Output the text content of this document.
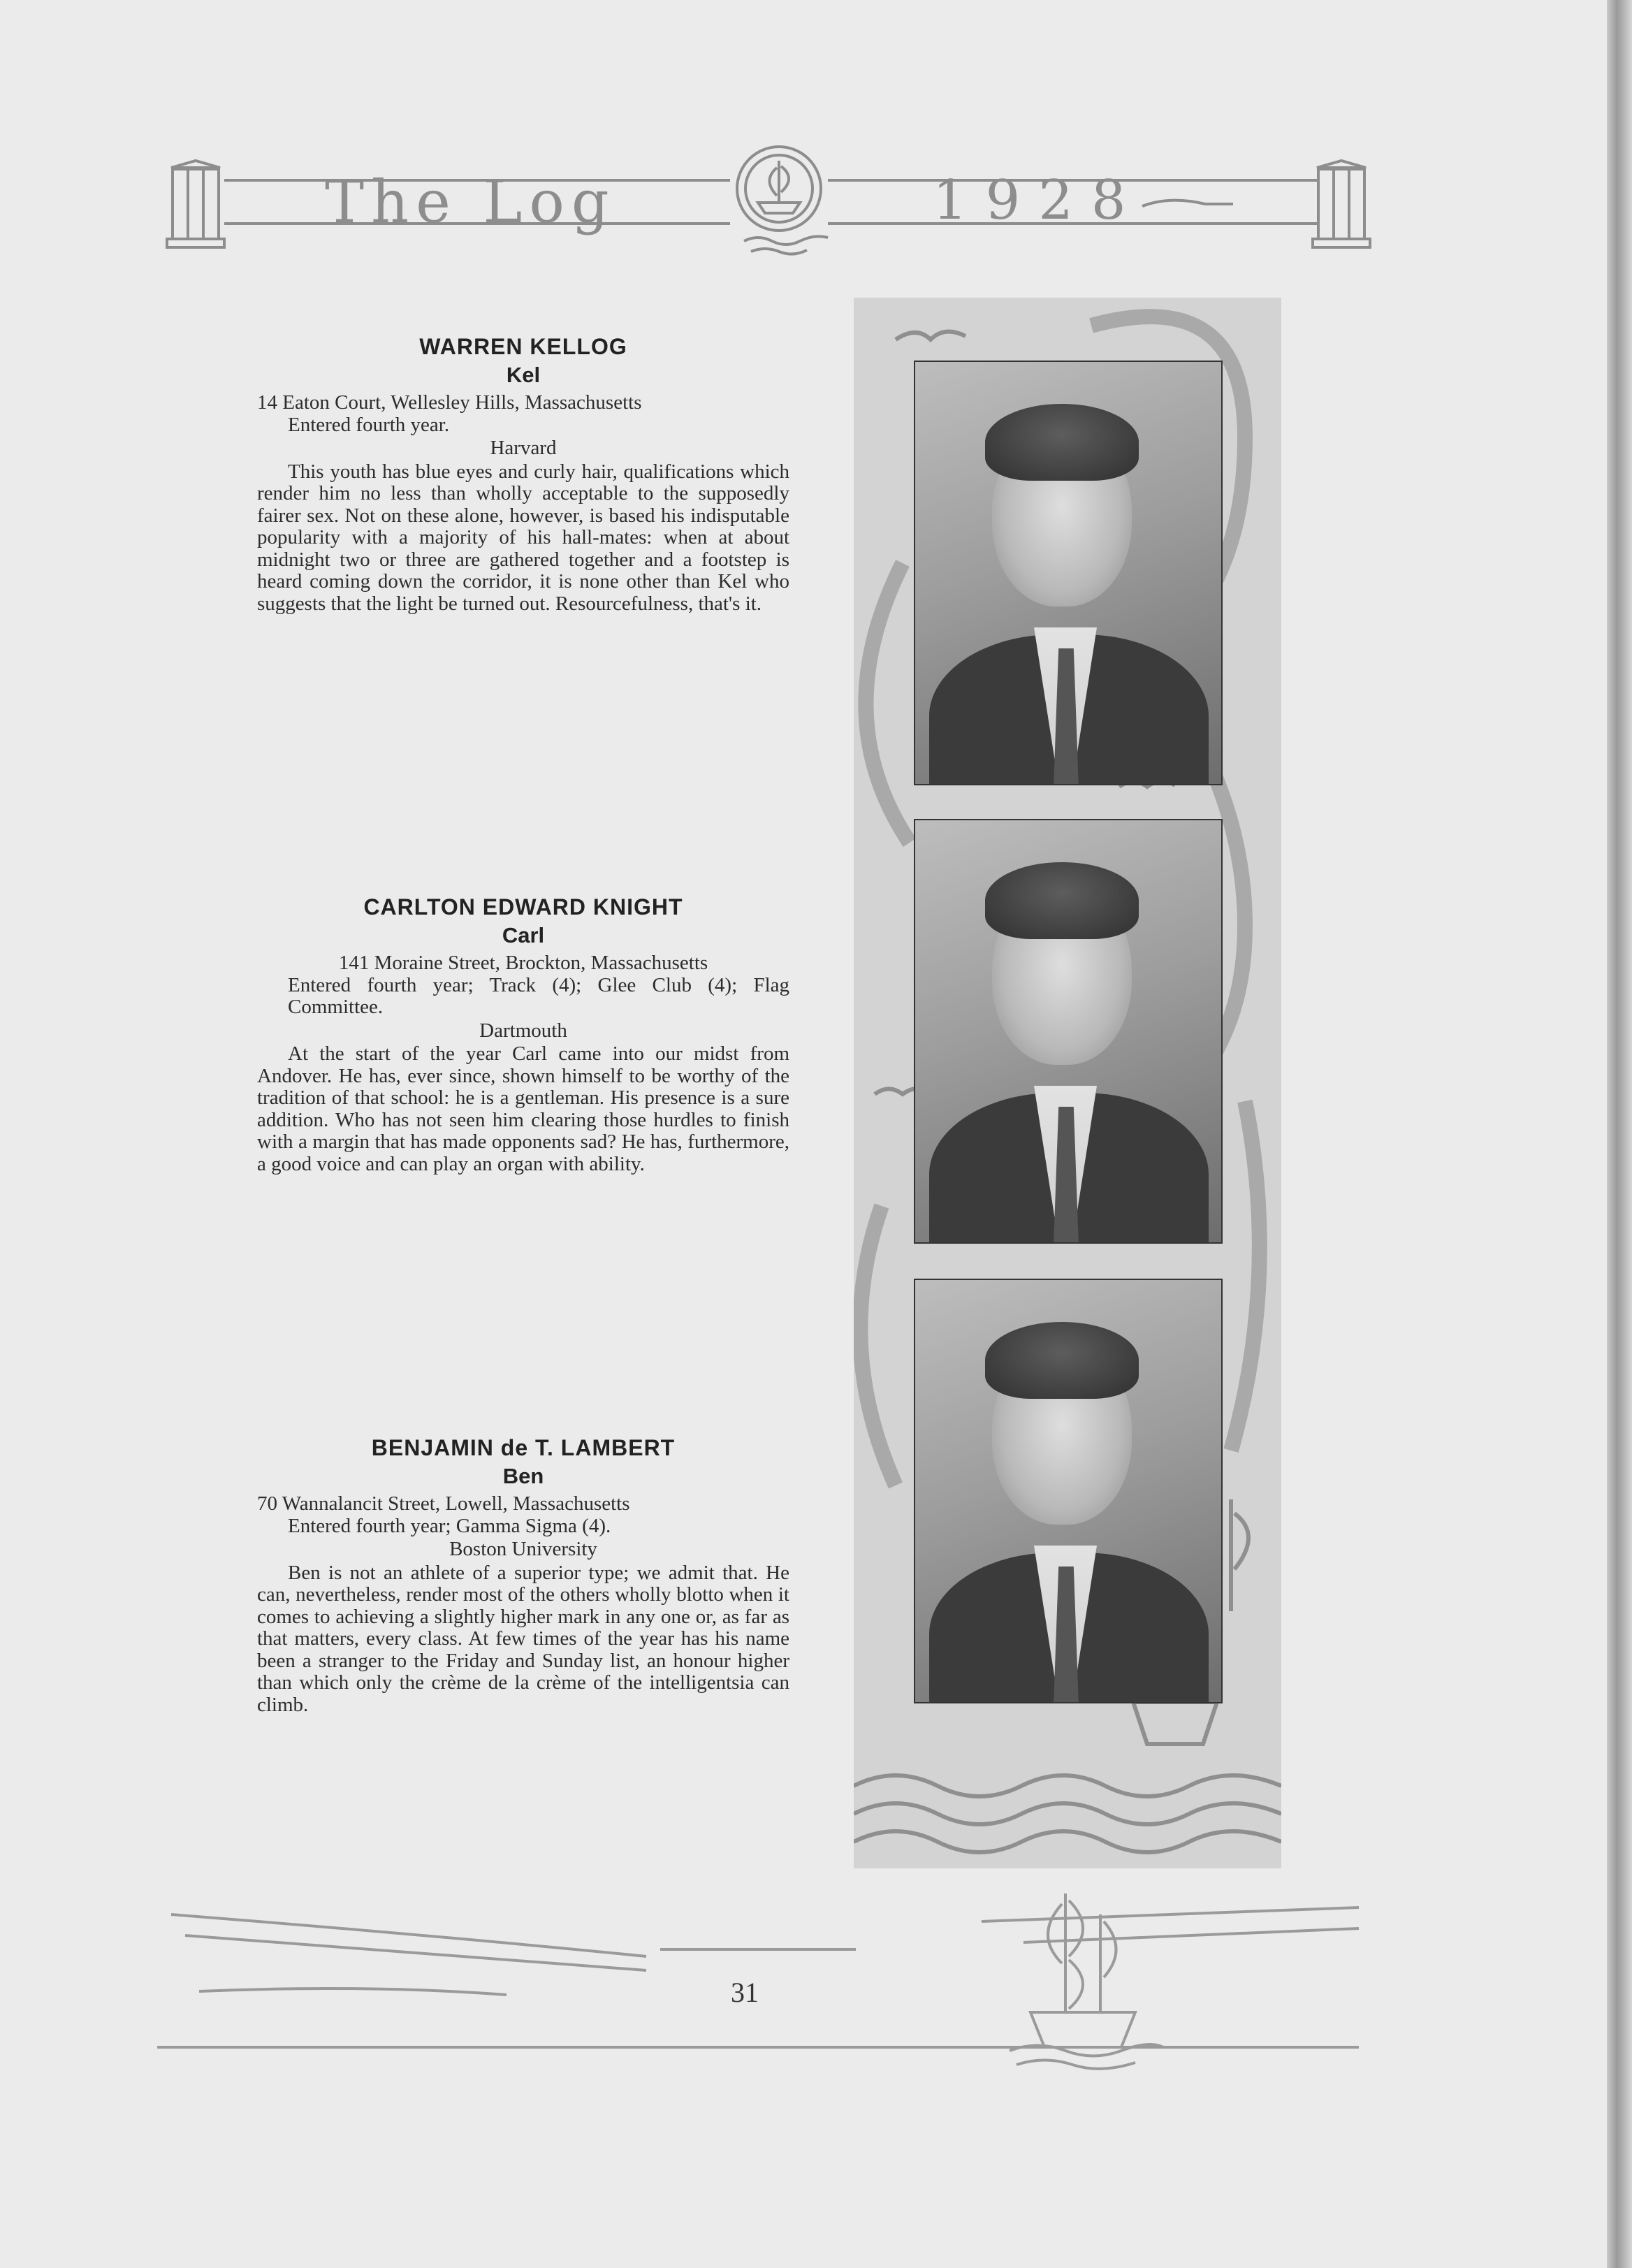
The Log	1928
WARREN KELLOG
Kel
14 Eaton Court, Wellesley Hills, Massachusetts
Entered fourth year.
Harvard
This youth has blue eyes and curly hair, qualifications which render him no less than wholly acceptable to the supposedly fairer sex. Not on these alone, however, is based his indisputable popularity with a majority of his hall-mates: when at about midnight two or three are gathered together and a footstep is heard coming down the corridor, it is none other than Kel who suggests that the light be turned out. Resourcefulness, that's it.
CARLTON EDWARD KNIGHT
Carl
141 Moraine Street, Brockton, Massachusetts
Entered fourth year; Track (4); Glee Club (4); Flag Committee.
Dartmouth
At the start of the year Carl came into our midst from Andover. He has, ever since, shown himself to be worthy of the tradition of that school: he is a gentleman. His presence is a sure addition. Who has not seen him clearing those hurdles to finish with a margin that has made opponents sad? He has, furthermore, a good voice and can play an organ with ability.
BENJAMIN de T. LAMBERT
Ben
70 Wannalancit Street, Lowell, Massachusetts
Entered fourth year; Gamma Sigma (4).
Boston University
Ben is not an athlete of a superior type; we admit that. He can, nevertheless, render most of the others wholly blotto when it comes to achieving a slightly higher mark in any one or, as far as that matters, every class. At few times of the year has his name been a stranger to the Friday and Sunday list, an honour higher than which only the crème de la crème of the intelligentsia can climb.
31
